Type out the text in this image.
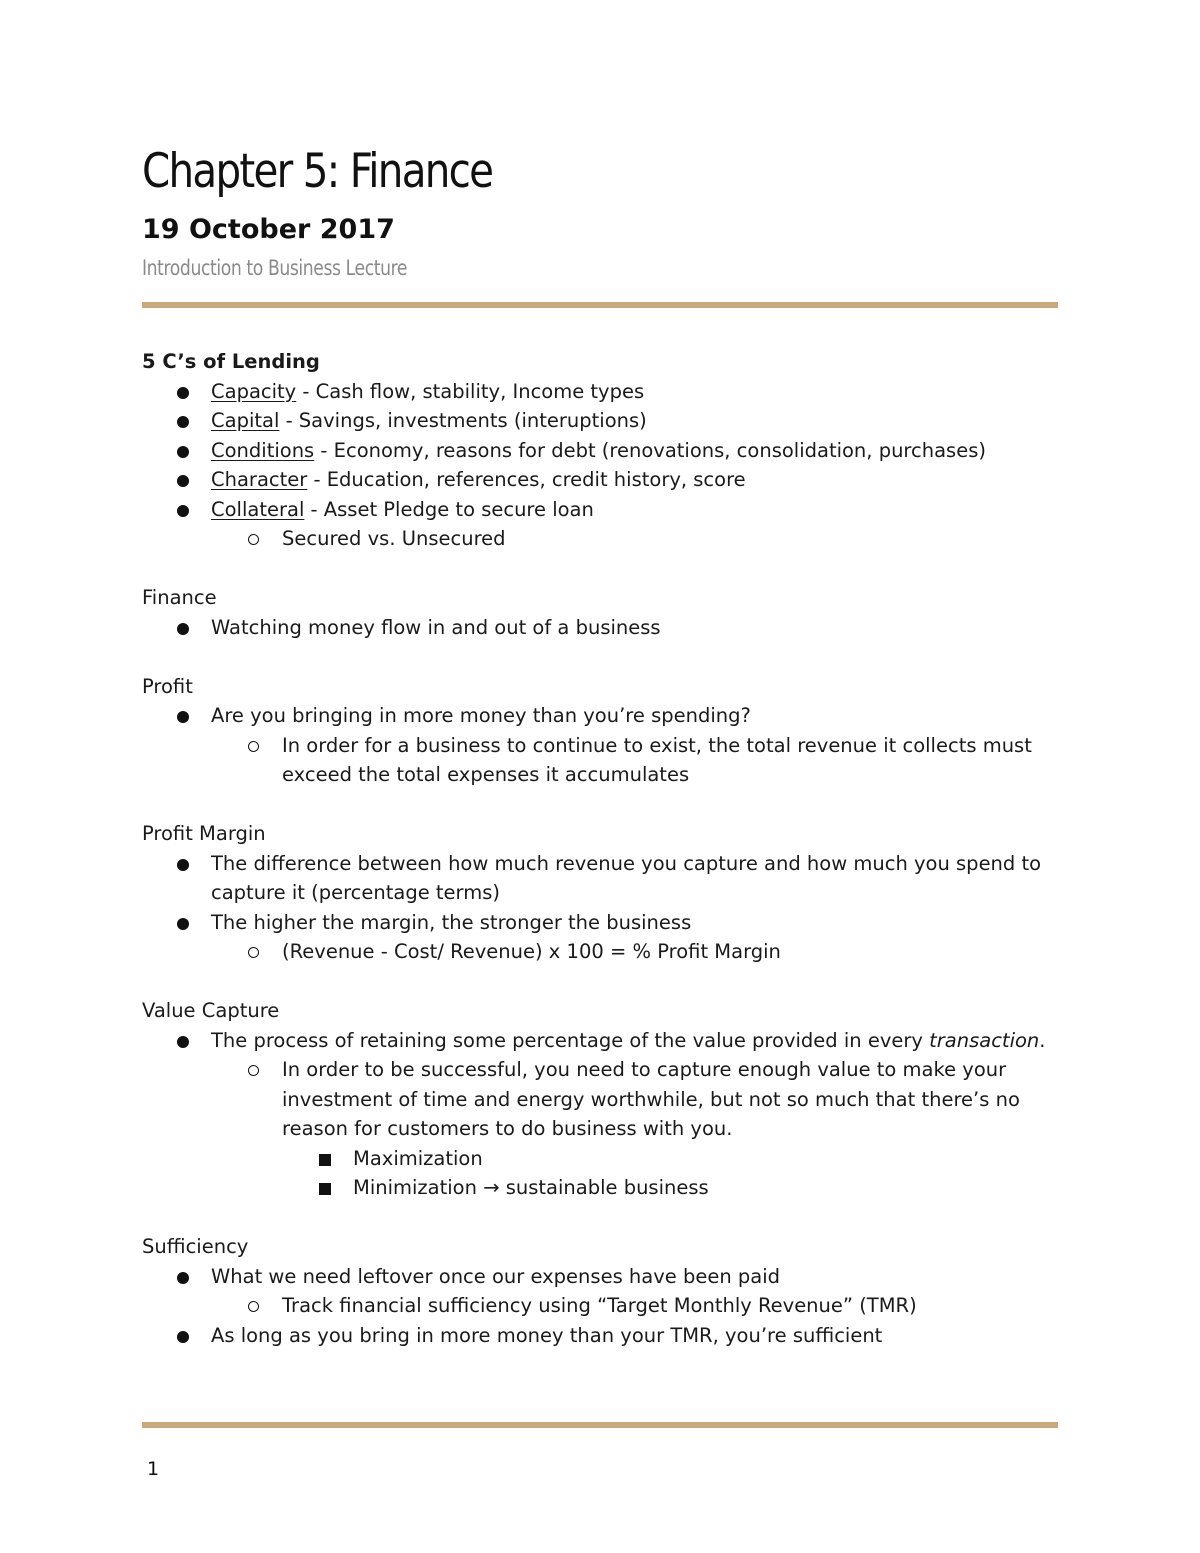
Chapter 5: Finance
19 October 2017
Introduction to Business Lecture

5 C’s of Lending

Capacity - Cash flow, stability, Income types
Capital - Savings, investments (interuptions)
Conditions - Economy, reasons for debt (renovations, consolidation, purchases)
Character - Education, references, credit history, score
Collateral - Asset Pledge to secure loan
Secured vs. Unsecured

Finance

Watching money flow in and out of a business

Profit

Are you bringing in more money than you’re spending?
In order for a business to continue to exist, the total revenue it collects must exceed the total expenses it accumulates

Profit Margin

The difference between how much revenue you capture and how much you spend to capture it (percentage terms)
The higher the margin, the stronger the business
(Revenue - Cost/ Revenue) x 100 = % Profit Margin

Value Capture

The process of retaining some percentage of the value provided in every transaction.
In order to be successful, you need to capture enough value to make your investment of time and energy worthwhile, but not so much that there’s no reason for customers to do business with you.
Maximization
Minimization → sustainable business

Sufficiency

What we need leftover once our expenses have been paid
Track financial sufficiency using “Target Monthly Revenue” (TMR)
As long as you bring in more money than your TMR, you’re sufficient
1
